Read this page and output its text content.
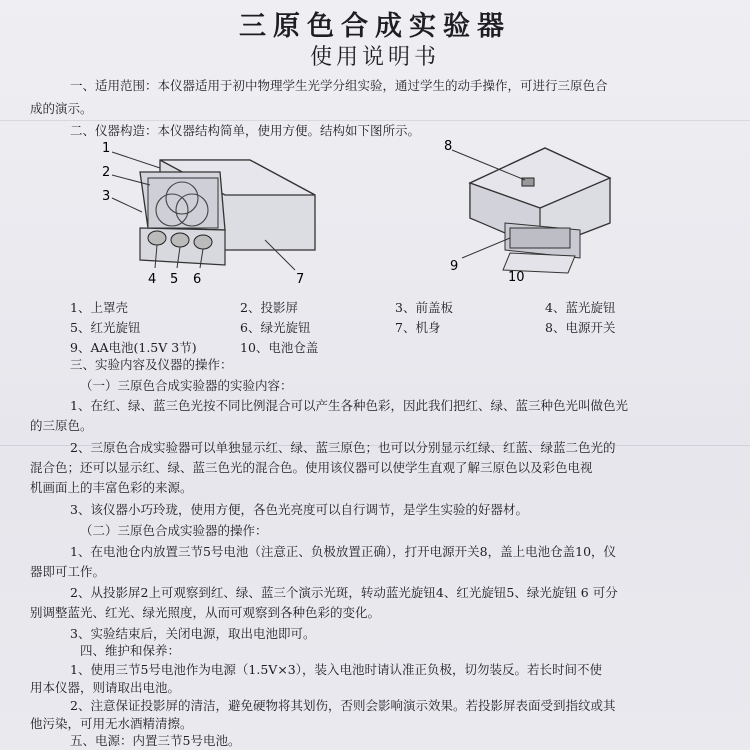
三原色合成实验器
使用说明书
一、适用范围：本仪器适用于初中物理学生光学分组实验，通过学生的动手操作，可进行三原色合
成的演示。
二、仪器构造：本仪器结构简单，使用方便。结构如下图所示。
1
2
3
4 5 6	7
8
9
10
1、上罩壳	2、投影屏	3、前盖板	4、蓝光旋钮
5、红光旋钮	6、绿光旋钮	7、机身	8、电源开关
9、AA电池(1.5V 3节)	10、电池仓盖
三、实验内容及仪器的操作：
（一）三原色合成实验器的实验内容：
1、在红、绿、蓝三色光按不同比例混合可以产生各种色彩，因此我们把红、绿、蓝三种色光叫做色光
的三原色。
2、三原色合成实验器可以单独显示红、绿、蓝三原色；也可以分别显示红绿、红蓝、绿蓝二色光的
混合色；还可以显示红、绿、蓝三色光的混合色。使用该仪器可以使学生直观了解三原色以及彩色电视
机画面上的丰富色彩的来源。
3、该仪器小巧玲珑，使用方便，各色光亮度可以自行调节，是学生实验的好器材。
（二）三原色合成实验器的操作：
1、在电池仓内放置三节5号电池（注意正、负极放置正确），打开电源开关8，盖上电池仓盖10，仪
器即可工作。
2、从投影屏2上可观察到红、绿、蓝三个演示光斑，转动蓝光旋钮4、红光旋钮5、绿光旋钮 6 可分
别调整蓝光、红光、绿光照度，从而可观察到各种色彩的变化。
3、实验结束后，关闭电源，取出电池即可。
四、维护和保养：
1、使用三节5号电池作为电源（1.5V×3），装入电池时请认准正负极，切勿装反。若长时间不使
用本仪器，则请取出电池。
2、注意保证投影屏的清洁，避免硬物将其划伤，否则会影响演示效果。若投影屏表面受到指纹或其
他污染，可用无水酒精清擦。
五、电源：内置三节5号电池。
